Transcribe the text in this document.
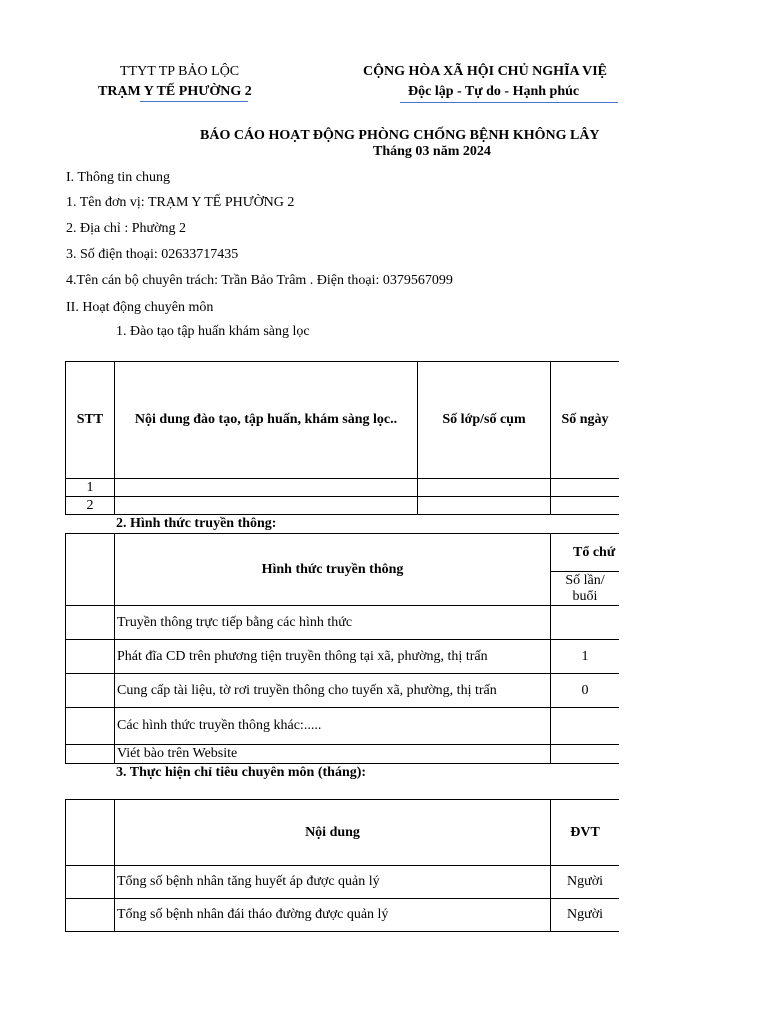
TTYT TP BẢO LỘC
TRẠM Y TẾ PHƯỜNG 2
CỘNG HÒA XÃ HỘI CHỦ NGHĨA VIỆ
Độc lập - Tự do - Hạnh phúc
BÁO CÁO HOẠT ĐỘNG PHÒNG CHỐNG BỆNH KHÔNG LÂY
Tháng 03 năm 2024
I. Thông tin chung
1. Tên đơn vị: TRẠM Y TẾ PHƯỜNG 2
2. Địa chỉ : Phường 2
3. Số điện thoại: 02633717435
4.Tên cán bộ chuyên trách: Trần Bảo Trâm . Điện thoại: 0379567099
II. Hoạt động chuyên môn
1. Đào tạo tập huấn khám sàng lọc
STT	Nội dung đào tạo, tập huấn, khám sàng lọc..	Số lớp/số cụm	Số ngày
1			
2			
2. Hình thức truyền thông:
	Hình thức truyền thông	Tổ chứ	
		Số lần/ buổi	
	Truyền thông trực tiếp bằng các hình thức		
	Phát đĩa CD trên phương tiện truyền thông tại xã, phường, thị trấn	1	
	Cung cấp tài liệu, tờ rơi truyền thông cho tuyến xã, phường, thị trấn	0	
	Các hình thức truyền thông khác:.....		
	Viét bào trên Website		
3. Thực hiện chỉ tiêu chuyên môn (tháng):
	Nội dung	ĐVT
	Tổng số bệnh nhân tăng huyết áp được quản lý	Người
	Tổng số bệnh nhân đái tháo đường được quản lý	Người
